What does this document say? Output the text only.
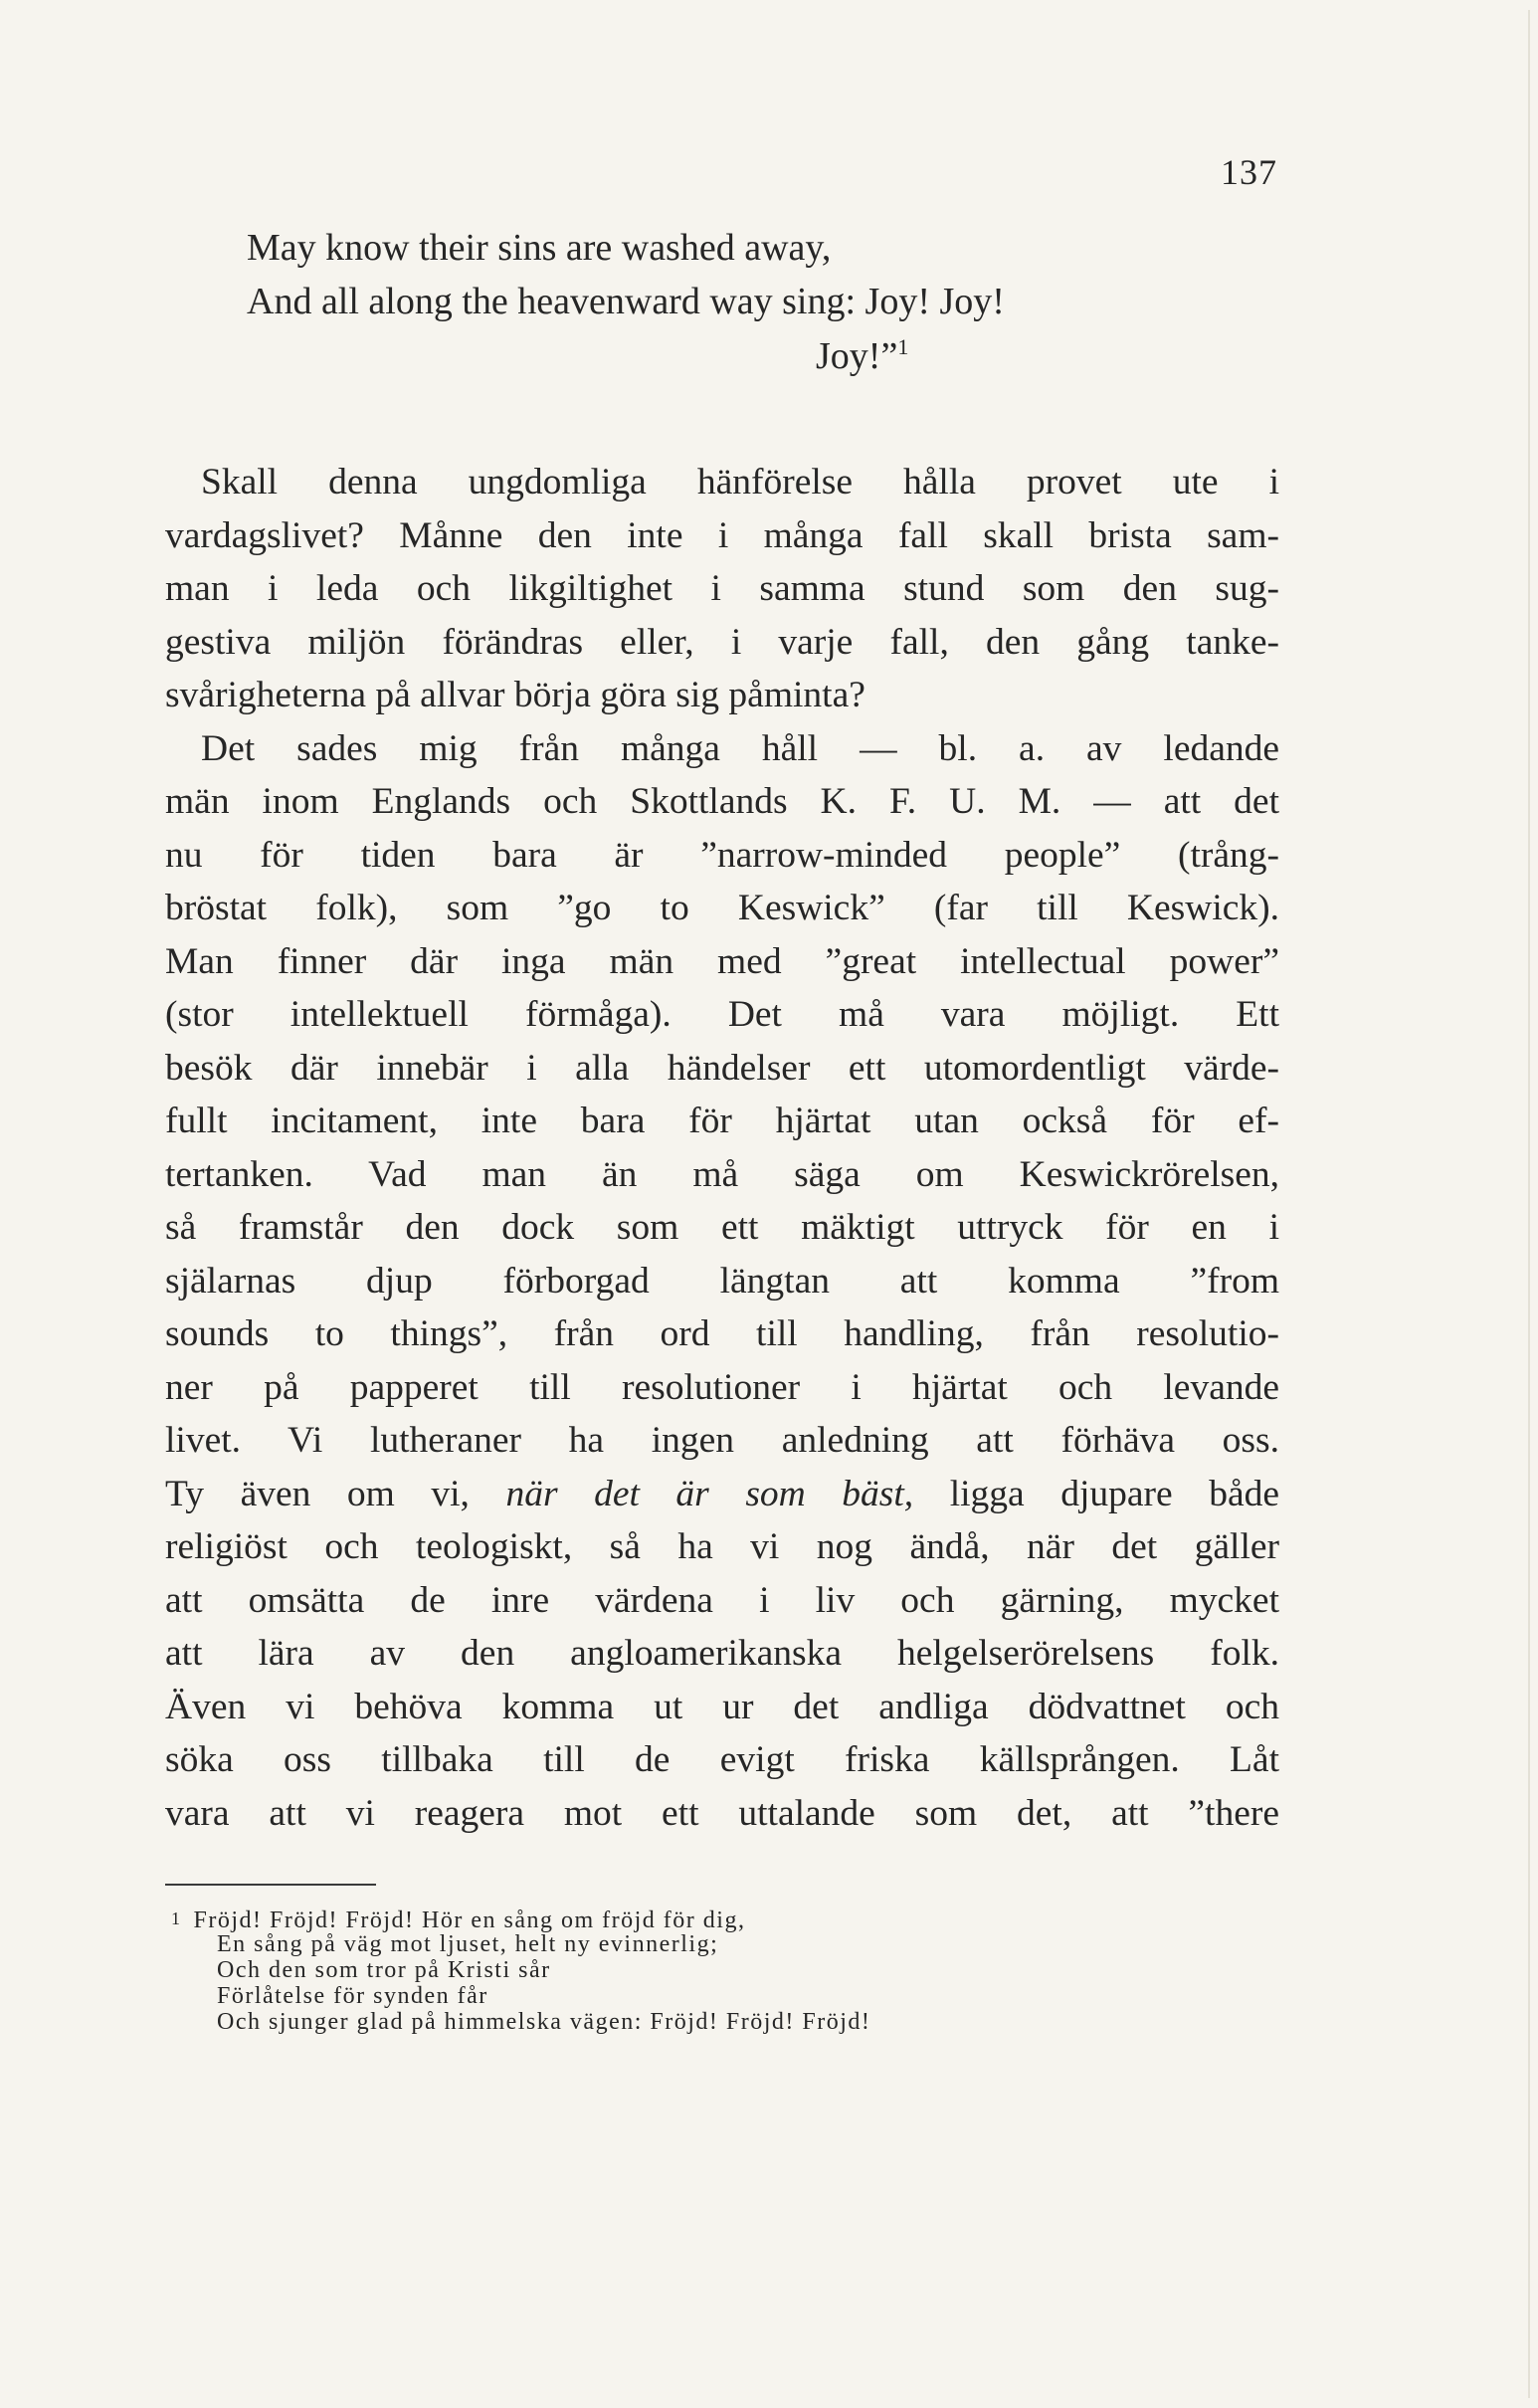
137

May know their sins are washed away,

And all along the heavenward way sing: Joy! Joy!

Joy!”$^1$

Skall denna ungdomliga hänförelse hålla provet ute i
vardagslivet? Månne den inte i många fall skall brista sam-
man i leda och likgiltighet i samma stund som den sug-
gestiva miljön förändras eller, i varje fall, den gång tanke-
svårigheterna på allvar börja göra sig påminta?
Det sades mig från många håll — bl. a. av ledande
män inom Englands och Skottlands K. F. U. M. — att det
nu för tiden bara är ”narrow-minded people” (trång-
bröstat folk), som ”go to Keswick” (far till Keswick).
Man finner där inga män med ”great intellectual power”
(stor intellektuell förmåga). Det må vara möjligt. Ett
besök där innebär i alla händelser ett utomordentligt värde-
fullt incitament, inte bara för hjärtat utan också för ef-
tertanken. Vad man än må säga om Keswickrörelsen,
så framstår den dock som ett mäktigt uttryck för en i
själarnas djup förborgad längtan att komma ”from
sounds to things”, från ord till handling, från resolutio-
ner på papperet till resolutioner i hjärtat och levande
livet. Vi lutheraner ha ingen anledning att förhäva oss.
Ty även om vi, när det är som bäst, ligga djupare både
religiöst och teologiskt, så ha vi nog ändå, när det gäller
att omsätta de inre värdena i liv och gärning, mycket
att lära av den angloamerikanska helgelserörelsens folk.
Även vi behöva komma ut ur det andliga dödvattnet och
söka oss tillbaka till de evigt friska källsprången. Låt
vara att vi reagera mot ett uttalande som det, att ”there
1 Fröjd! Fröjd! Fröjd! Hör en sång om fröjd för dig,
En sång på väg mot ljuset, helt ny evinnerlig;
Och den som tror på Kristi sår
Förlåtelse för synden får
Och sjunger glad på himmelska vägen: Fröjd! Fröjd! Fröjd!
